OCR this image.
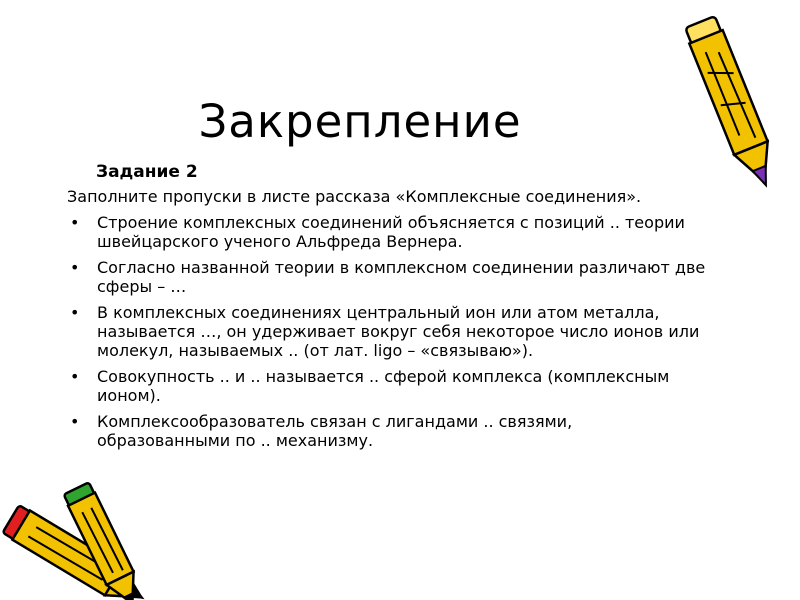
Закрепление
Задание 2
Заполните пропуски в листе рассказа «Комплексные соединения».
• Строение комплексных соединений объясняется с позиций .. теории швейцарского ученого Альфреда Вернера.
• Согласно названной теории в комплексном соединении различают две сферы – …
• В комплексных соединениях центральный ион или атом металла, называется …, он удерживает вокруг себя некоторое число ионов или молекул, называемых .. (от лат. ligo – «связываю»).
• Совокупность .. и .. называется .. сферой комплекса (комплексным ионом).
• Комплексообразователь связан с лигандами .. связями, образованными по .. механизму.
